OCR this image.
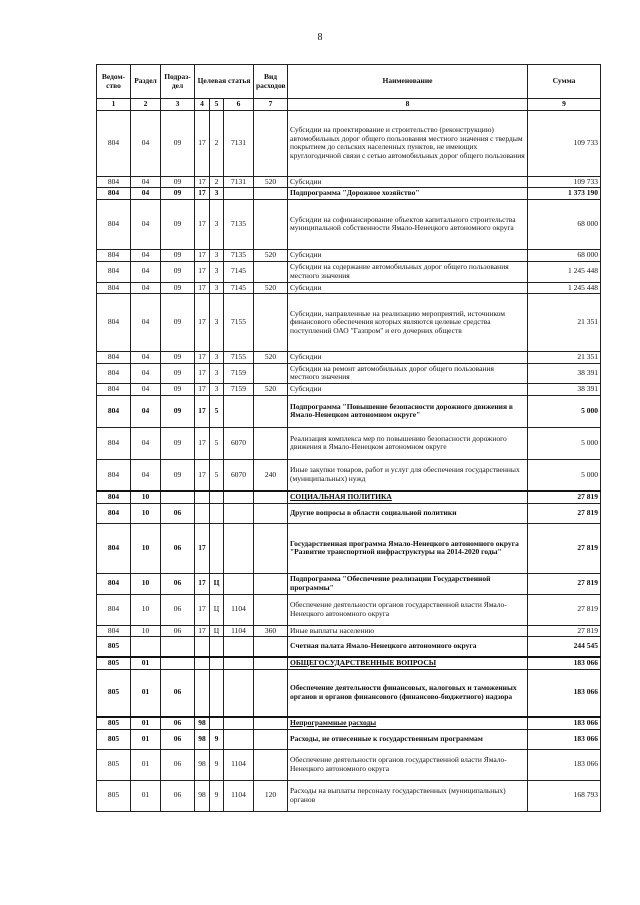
8
Ведом-ство	Раздел	Подраз-дел	Целевая статья			Вид расходов	Наименование	Сумма
1	2	3	4	5	6	7	8	9
804	04	09	17	2	7131		Субсидии на проектирование и строительство (реконструкцию) автомобильных дорог общего пользования местного значения с твердым покрытием до сельских населенных пунктов, не имеющих круглогодичной связи с сетью автомобильных дорог общего пользования	109 733
804	04	09	17	2	7131	520	Субсидии	109 733
804	04	09	17	3			Подпрограмма "Дорожное хозяйство"	1 373 190
804	04	09	17	3	7135		Субсидии на софинансирование объектов капитального строительства муниципальной собственности Ямало-Ненецкого автономного округа	68 000
804	04	09	17	3	7135	520	Субсидии	68 000
804	04	09	17	3	7145		Субсидии на содержание автомобильных дорог общего пользования местного значения	1 245 448
804	04	09	17	3	7145	520	Субсидии	1 245 448
804	04	09	17	3	7155		Субсидии, направленные на реализацию мероприятий, источником финансового обеспечения которых являются целевые средства поступлений ОАО "Газпром" и его дочерних обществ	21 351
804	04	09	17	3	7155	520	Субсидии	21 351
804	04	09	17	3	7159		Субсидии на ремонт автомобильных дорог общего пользования местного значения	38 391
804	04	09	17	3	7159	520	Субсидии	38 391
804	04	09	17	5			Подпрограмма "Повышение безопасности дорожного движения в Ямало-Ненецком автономном округе"	5 000
804	04	09	17	5	6070		Реализация комплекса мер по повышению безопасности дорожного движения в Ямало-Ненецком автономном округе	5 000
804	04	09	17	5	6070	240	Иные закупки товаров, работ и услуг для обеспечения государственных (муниципальных) нужд	5 000
804	10						СОЦИАЛЬНАЯ ПОЛИТИКА	27 819
804	10	06					Другие вопросы в области социальной политики	27 819
804	10	06	17				Государственная программа Ямало-Ненецкого автономного округа "Развитие транспортной инфраструктуры на 2014-2020 годы"	27 819
804	10	06	17	Ц			Подпрограмма "Обеспечение реализации Государственной программы"	27 819
804	10	06	17	Ц	1104		Обеспечение деятельности органов государственной власти Ямало-Ненецкого автономного округа	27 819
804	10	06	17	Ц	1104	360	Иные выплаты населению	27 819
805							Счетная палата Ямало-Ненецкого автономного округа	244 545
805	01						ОБЩЕГОСУДАРСТВЕННЫЕ ВОПРОСЫ	183 066
805	01	06					Обеспечение деятельности финансовых, налоговых и таможенных органов и органов финансового (финансово-бюджетного) надзора	183 066
805	01	06	98				Непрограммные расходы	183 066
805	01	06	98	9			Расходы, не отнесенные к государственным программам	183 066
805	01	06	98	9	1104		Обеспечение деятельности органов государственной власти Ямало-Ненецкого автономного округа	183 066
805	01	06	98	9	1104	120	Расходы на выплаты персоналу государственных (муниципальных) органов	168 793
